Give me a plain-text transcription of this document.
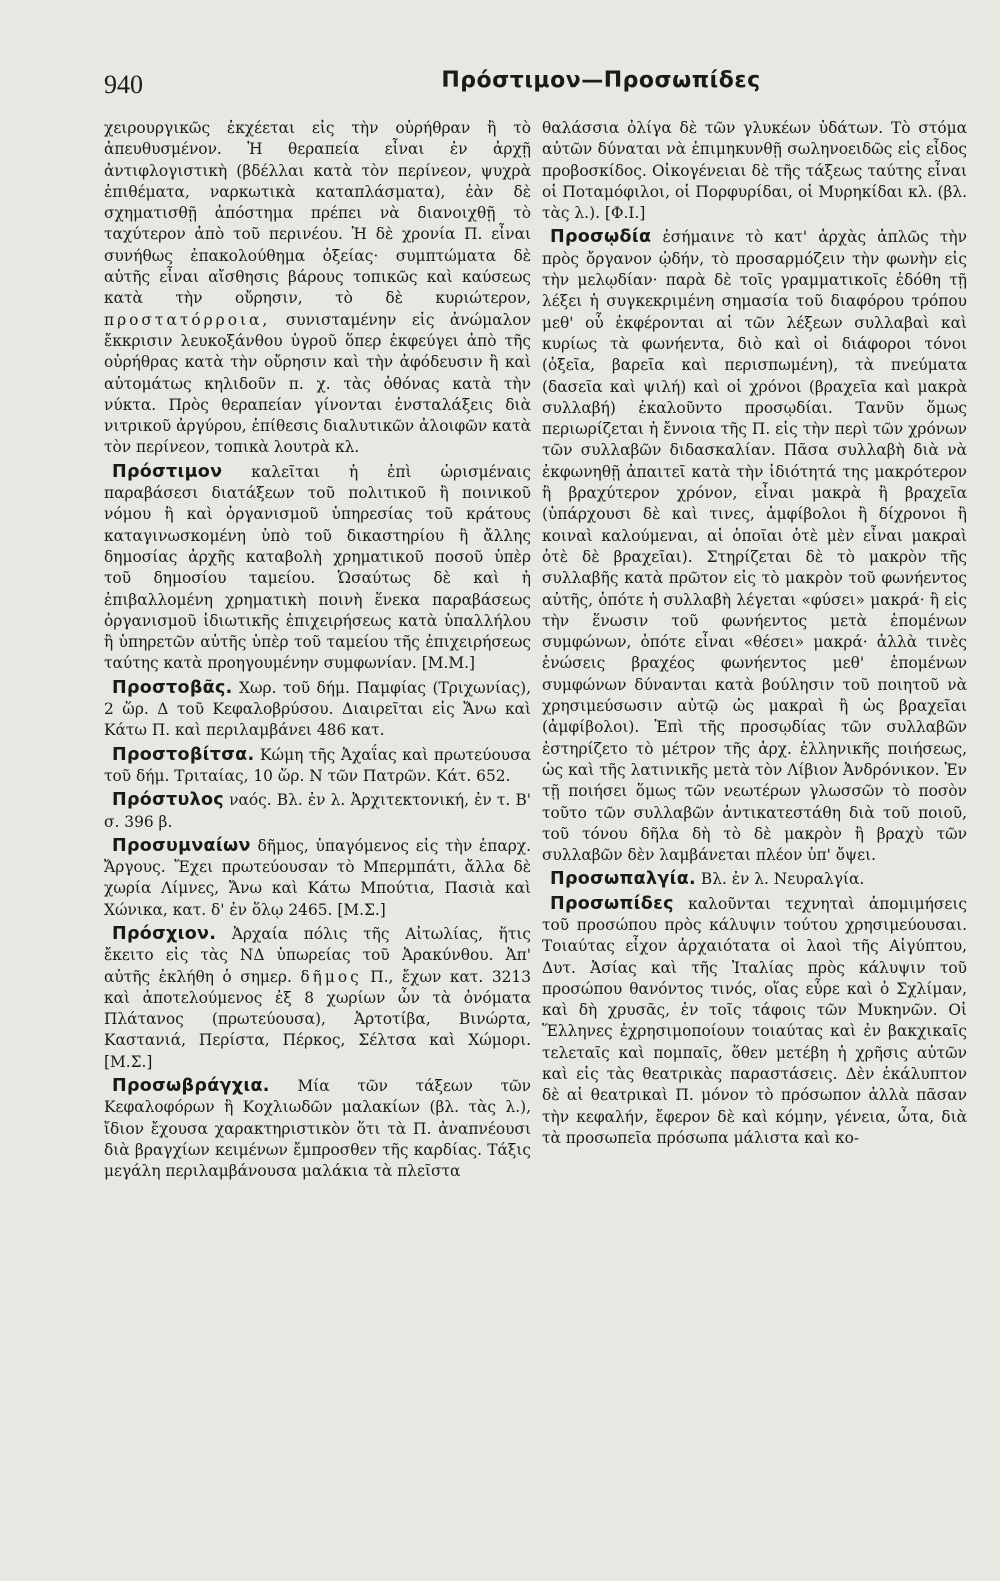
940	Πρόστιμον—Προσωπίδες

χειρουργικῶς ἐκχέεται εἰς τὴν οὐρήθραν ἢ τὸ ἀπευθυσμένον. Ἡ θεραπεία εἶναι ἐν ἀρχῇ ἀντιφλογιστικὴ (βδέλλαι κατὰ τὸν περίνεον, ψυχρὰ ἐπιθέματα, ναρκωτικὰ καταπλάσματα), ἐὰν δὲ σχηματισθῇ ἀπόστημα πρέπει νὰ διανοιχθῇ τὸ ταχύτερον ἀπὸ τοῦ περινέου. Ἡ δὲ χρονία Π. εἶναι συνήθως ἐπακολούθημα ὀξείας· συμπτώματα δὲ αὐτῆς εἶναι αἴσθησις βάρους τοπικῶς καὶ καύσεως κατὰ τὴν οὔρησιν, τὸ δὲ κυριώτερον, προστατόρροια, συνισταμένην εἰς ἀνώμαλον ἔκκρισιν λευκοξάνθου ὑγροῦ ὅπερ ἐκφεύγει ἀπὸ τῆς οὐρήθρας κατὰ τὴν οὔρησιν καὶ τὴν ἀφόδευσιν ἢ καὶ αὐτομάτως κηλιδοῦν π. χ. τὰς ὀθόνας κατὰ τὴν νύκτα. Πρὸς θεραπείαν γίνονται ἐνσταλάξεις διὰ νιτρικοῦ ἀργύρου, ἐπίθεσις διαλυτικῶν ἀλοιφῶν κατὰ τὸν περίνεον, τοπικὰ λουτρὰ κλ.

Πρόστιμον καλεῖται ἡ ἐπὶ ὡρισμέναις παραβάσεσι διατάξεων τοῦ πολιτικοῦ ἢ ποινικοῦ νόμου ἢ καὶ ὀργανισμοῦ ὑπηρεσίας τοῦ κράτους καταγινωσκομένη ὑπὸ τοῦ δικαστηρίου ἢ ἄλλης δημοσίας ἀρχῆς καταβολὴ χρηματικοῦ ποσοῦ ὑπὲρ τοῦ δημοσίου ταμείου. Ὡσαύτως δὲ καὶ ἡ ἐπιβαλλομένη χρηματικὴ ποινὴ ἕνεκα παραβάσεως ὀργανισμοῦ ἰδιωτικῆς ἐπιχειρήσεως κατὰ ὑπαλλήλου ἢ ὑπηρετῶν αὐτῆς ὑπὲρ τοῦ ταμείου τῆς ἐπιχειρήσεως ταύτης κατὰ προηγουμένην συμφωνίαν. [Μ.Μ.]

Προστοβᾶς. Χωρ. τοῦ δήμ. Παμφίας (Τριχωνίας), 2 ὥρ. Δ τοῦ Κεφαλοβρύσου. Διαιρεῖται εἰς Ἄνω καὶ Κάτω Π. καὶ περιλαμβάνει 486 κατ.

Προστοβίτσα. Κώμη τῆς Ἀχαΐας καὶ πρωτεύουσα τοῦ δήμ. Τριταίας, 10 ὥρ. Ν τῶν Πατρῶν. Κάτ. 652.

Πρόστυλος ναός. Βλ. ἐν λ. Ἀρχιτεκτονική, ἐν τ. Β' σ. 396 β.

Προσυμναίων δῆμος, ὑπαγόμενος εἰς τὴν ἐπαρχ. Ἄργους. Ἔχει πρωτεύουσαν τὸ Μπερμπάτι, ἄλλα δὲ χωρία Λίμνες, Ἄνω καὶ Κάτω Μπούτια, Πασιὰ καὶ Χώνικα, κατ. δ' ἐν ὅλῳ 2465. [Μ.Σ.]

Πρόσχιον. Ἀρχαία πόλις τῆς Αἰτωλίας, ἥτις ἔκειτο εἰς τὰς ΝΔ ὑπωρείας τοῦ Ἀρακύνθου. Ἀπ' αὐτῆς ἐκλήθη ὁ σημερ. δῆμος Π., ἔχων κατ. 3213 καὶ ἀποτελούμενος ἐξ 8 χωρίων ὧν τὰ ὀνόματα Πλάτανος (πρωτεύουσα), Ἀρτοτίβα, Βινώρτα, Καστανιά, Περίστα, Πέρκος, Σέλτσα καὶ Χώμορι. [Μ.Σ.]

Προσωβράγχια. Μία τῶν τάξεων τῶν Κεφαλοφόρων ἢ Κοχλιωδῶν μαλακίων (βλ. τὰς λ.), ἴδιον ἔχουσα χαρακτηριστικὸν ὅτι τὰ Π. ἀναπνέουσι διὰ βραγχίων κειμένων ἔμπροσθεν τῆς καρδίας. Τάξις μεγάλη περιλαμβάνουσα μαλάκια τὰ πλεῖστα

θαλάσσια ὀλίγα δὲ τῶν γλυκέων ὑδάτων. Τὸ στόμα αὐτῶν δύναται νὰ ἐπιμηκυνθῇ σωληνοειδῶς εἰς εἶδος προβοσκίδος. Οἰκογένειαι δὲ τῆς τάξεως ταύτης εἶναι οἱ Ποταμόφιλοι, οἱ Πορφυρίδαι, οἱ Μυρηκίδαι κλ. (βλ. τὰς λ.). [Φ.Ι.]

Προσῳδία ἐσήμαινε τὸ κατ' ἀρχὰς ἁπλῶς τὴν πρὸς ὄργανον ᾠδήν, τὸ προσαρμόζειν τὴν φωνὴν εἰς τὴν μελῳδίαν· παρὰ δὲ τοῖς γραμματικοῖς ἐδόθη τῇ λέξει ἡ συγκεκριμένη σημασία τοῦ διαφόρου τρόπου μεθ' οὗ ἐκφέρονται αἱ τῶν λέξεων συλλαβαὶ καὶ κυρίως τὰ φωνήεντα, διὸ καὶ οἱ διάφοροι τόνοι (ὀξεῖα, βαρεῖα καὶ περισπωμένη), τὰ πνεύματα (δασεῖα καὶ ψιλή) καὶ οἱ χρόνοι (βραχεῖα καὶ μακρὰ συλλαβή) ἐκαλοῦντο προσῳδίαι. Τανῦν ὅμως περιωρίζεται ἡ ἔννοια τῆς Π. εἰς τὴν περὶ τῶν χρόνων τῶν συλλαβῶν διδασκαλίαν. Πᾶσα συλλαβὴ διὰ νὰ ἐκφωνηθῇ ἀπαιτεῖ κατὰ τὴν ἰδιότητά της μακρότερον ἢ βραχύτερον χρόνον, εἶναι μακρὰ ἢ βραχεῖα (ὑπάρχουσι δὲ καὶ τινες, ἀμφίβολοι ἢ δίχρονοι ἢ κοιναὶ καλούμεναι, αἱ ὁποῖαι ὁτὲ μὲν εἶναι μακραὶ ὁτὲ δὲ βραχεῖαι). Στηρίζεται δὲ τὸ μακρὸν τῆς συλλαβῆς κατὰ πρῶτον εἰς τὸ μακρὸν τοῦ φωνήεντος αὐτῆς, ὁπότε ἡ συλλαβὴ λέγεται «φύσει» μακρά· ἢ εἰς τὴν ἕνωσιν τοῦ φωνήεντος μετὰ ἑπομένων συμφώνων, ὁπότε εἶναι «θέσει» μακρά· ἀλλὰ τινὲς ἑνώσεις βραχέος φωνήεντος μεθ' ἑπομένων συμφώνων δύνανται κατὰ βούλησιν τοῦ ποιητοῦ νὰ χρησιμεύσωσιν αὐτῷ ὡς μακραὶ ἢ ὡς βραχεῖαι (ἀμφίβολοι). Ἐπὶ τῆς προσῳδίας τῶν συλλαβῶν ἐστηρίζετο τὸ μέτρον τῆς ἀρχ. ἑλληνικῆς ποιήσεως, ὡς καὶ τῆς λατινικῆς μετὰ τὸν Λίβιον Ἀνδρόνικον. Ἐν τῇ ποιήσει ὅμως τῶν νεωτέρων γλωσσῶν τὸ ποσὸν τοῦτο τῶν συλλαβῶν ἀντικατεστάθη διὰ τοῦ ποιοῦ, τοῦ τόνου δῆλα δὴ τὸ δὲ μακρὸν ἢ βραχὺ τῶν συλλαβῶν δὲν λαμβάνεται πλέον ὑπ' ὄψει.

Προσωπαλγία. Βλ. ἐν λ. Νευραλγία.

Προσωπίδες καλοῦνται τεχνηταὶ ἀπομιμήσεις τοῦ προσώπου πρὸς κάλυψιν τούτου χρησιμεύουσαι. Τοιαύτας εἶχον ἀρχαιότατα οἱ λαοὶ τῆς Αἰγύπτου, Δυτ. Ἀσίας καὶ τῆς Ἰταλίας πρὸς κάλυψιν τοῦ προσώπου θανόντος τινός, οἵας εὗρε καὶ ὁ Σχλίμαν, καὶ δὴ χρυσᾶς, ἐν τοῖς τάφοις τῶν Μυκηνῶν. Οἱ Ἕλληνες ἐχρησιμοποίουν τοιαύτας καὶ ἐν βακχικαῖς τελεταῖς καὶ πομπαῖς, ὅθεν μετέβη ἡ χρῆσις αὐτῶν καὶ εἰς τὰς θεατρικὰς παραστάσεις. Δὲν ἐκάλυπτον δὲ αἱ θεατρικαὶ Π. μόνον τὸ πρόσωπον ἀλλὰ πᾶσαν τὴν κεφαλήν, ἔφερον δὲ καὶ κόμην, γένεια, ὦτα, διὰ τὰ προσωπεῖα πρόσωπα μάλιστα καὶ κο-
